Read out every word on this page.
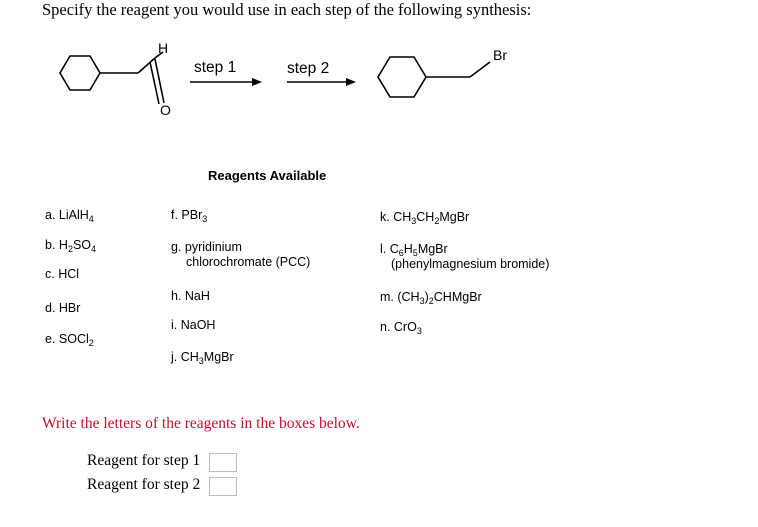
Specify the reagent you would use in each step of the following synthesis:
H
O
Br
step 1	step 2
Reagents Available
a. LiAlH$_4$
b. $H_2SO_4$
c. HCl
d. HBr
e. SOCl$_2$
f. PBr$_3$
g. pyridinium
chlorochromate (PCC)
h. NaH
i. NaOH
j. $CH_3MgBr$
k. $CH_3CH_2MgBr$
l. $C_6H_5MgBr$
(phenylmagnesium bromide)
m. $(CH_3)_2CHMgBr$
n. CrO$_3$
Write the letters of the reagents in the boxes below.
Reagent for step 1
Reagent for step 2
